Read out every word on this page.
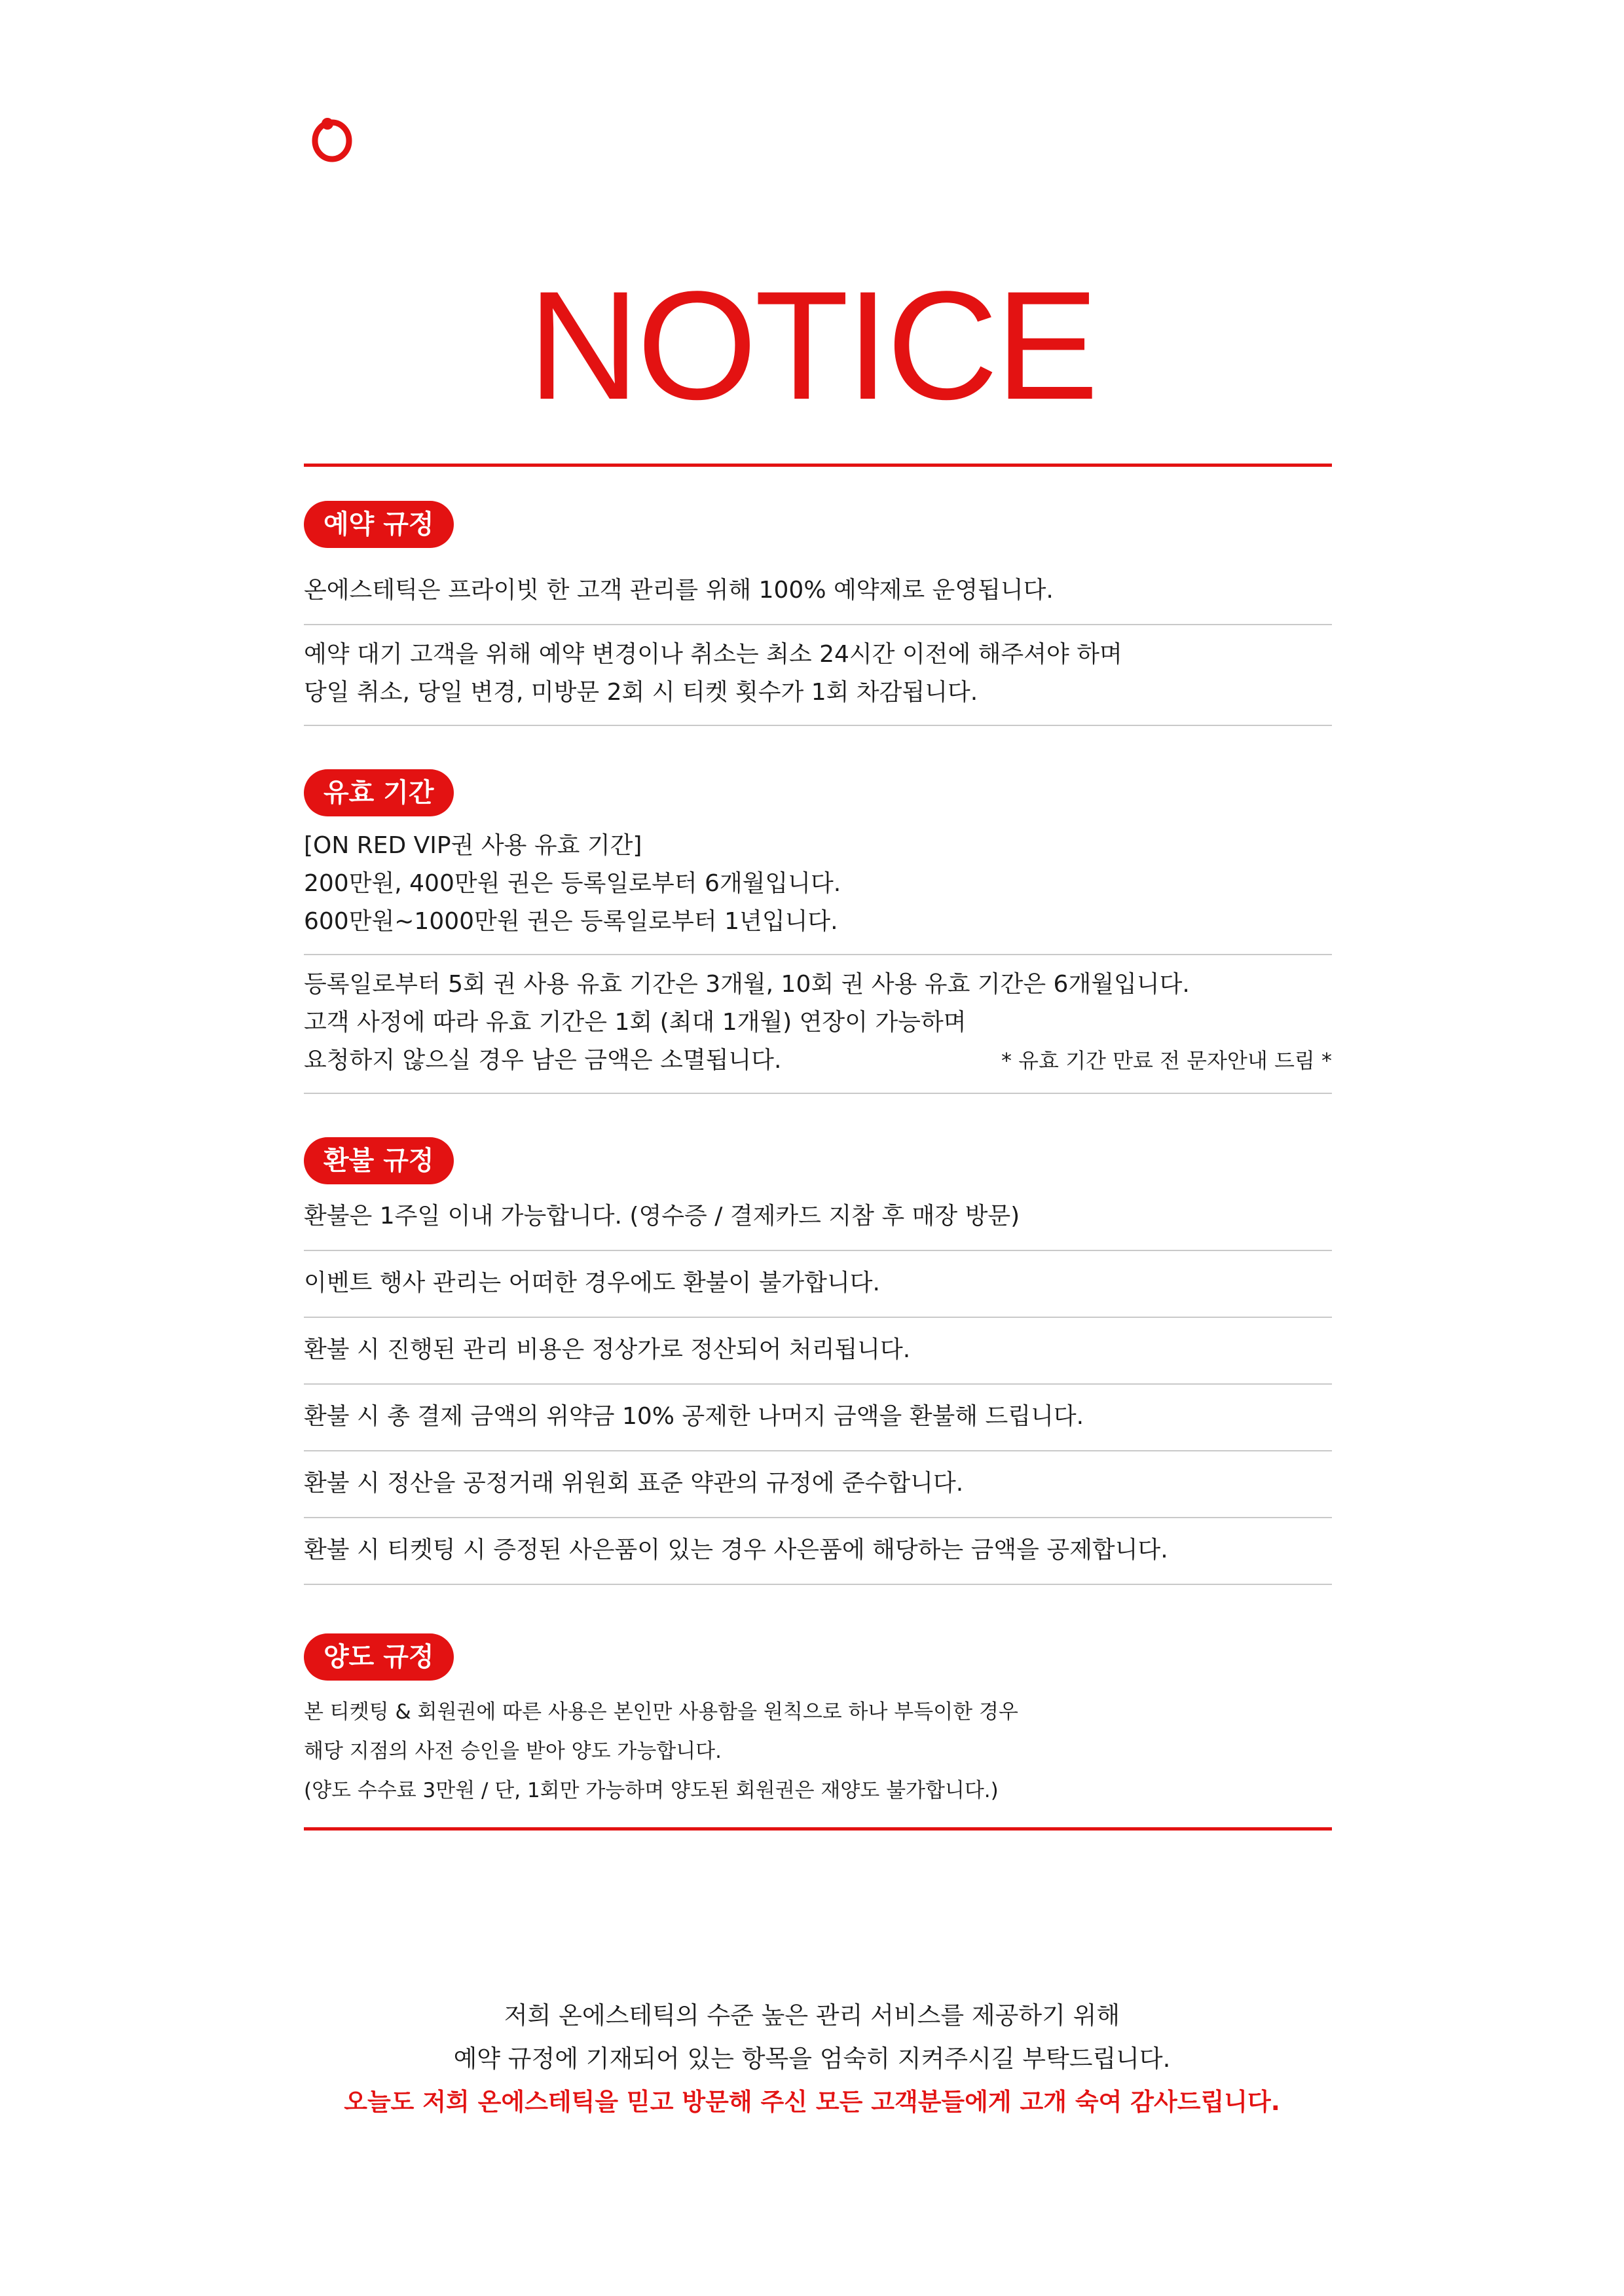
NOTICE
예약 규정
온에스테틱은 프라이빗 한 고객 관리를 위해 100% 예약제로 운영됩니다.
예약 대기 고객을 위해 예약 변경이나 취소는 최소 24시간 이전에 해주셔야 하며
당일 취소, 당일 변경, 미방문 2회 시 티켓 횟수가 1회 차감됩니다.
유효 기간
[ON RED VIP권 사용 유효 기간]
200만원, 400만원 권은 등록일로부터 6개월입니다.
600만원~1000만원 권은 등록일로부터 1년입니다.
등록일로부터 5회 권 사용 유효 기간은 3개월, 10회 권 사용 유효 기간은 6개월입니다.
고객 사정에 따라 유효 기간은 1회 (최대 1개월) 연장이 가능하며
요청하지 않으실 경우 남은 금액은 소멸됩니다.	* 유효 기간 만료 전 문자안내 드림 *
환불 규정
환불은 1주일 이내 가능합니다. (영수증 / 결제카드 지참 후 매장 방문)
이벤트 행사 관리는 어떠한 경우에도 환불이 불가합니다.
환불 시 진행된 관리 비용은 정상가로 정산되어 처리됩니다.
환불 시 총 결제 금액의 위약금 10% 공제한 나머지 금액을 환불해 드립니다.
환불 시 정산을 공정거래 위원회 표준 약관의 규정에 준수합니다.
환불 시 티켓팅 시 증정된 사은품이 있는 경우 사은품에 해당하는 금액을 공제합니다.
양도 규정
본 티켓팅 & 회원권에 따른 사용은 본인만 사용함을 원칙으로 하나 부득이한 경우
해당 지점의 사전 승인을 받아 양도 가능합니다.
(양도 수수료 3만원 / 단, 1회만 가능하며 양도된 회원권은 재양도 불가합니다.)
저희 온에스테틱의 수준 높은 관리 서비스를 제공하기 위해
예약 규정에 기재되어 있는 항목을 엄숙히 지켜주시길 부탁드립니다.
오늘도 저희 온에스테틱을 믿고 방문해 주신 모든 고객분들에게 고개 숙여 감사드립니다.
